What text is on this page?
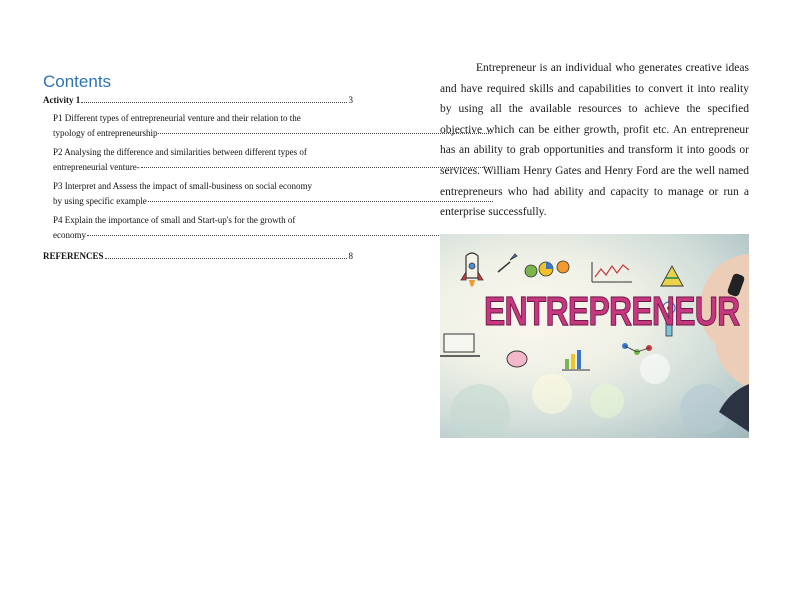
Contents
Activity 1	3
P1 Different types of entrepreneurial venture and their relation to the
typology of entrepreneurship
P2 Analysing the difference and similarities between different types of
entrepreneurial venture-
P3 Interpret and Assess the impact of small-business on social economy
by using specific example
P4 Explain the importance of small and Start-up's for the growth of
economy
REFERENCES	8
Entrepreneur is an individual who generates creative ideas and have required skills and capabilities to convert it into reality by using all the available resources to achieve the specified objective which can be either growth, profit etc. An entrepreneur has an ability to grab opportunities and transform it into goods or services. William Henry Gates and Henry Ford are the well named entrepreneurs who had ability and capacity to manage or run a enterprise successfully.
ENTREPRENEUR
